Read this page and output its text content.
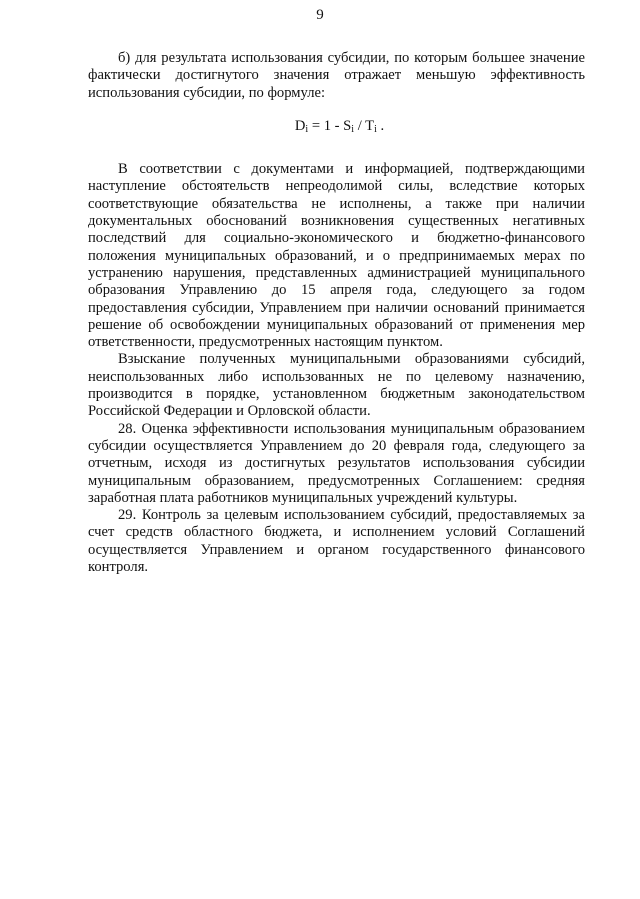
9

б) для результата использования субсидии, по которым большее значение фактически достигнутого значения отражает меньшую эффективность использования субсидии, по формуле:

$D_i = 1 - S_i / T_i$ .

В соответствии с документами и информацией, подтверждающими наступление обстоятельств непреодолимой силы, вследствие которых соответствующие обязательства не исполнены, а также при наличии документальных обоснований возникновения существенных негативных последствий для социально-экономического и бюджетно-финансового положения муниципальных образований, и о предпринимаемых мерах по устранению нарушения, представленных администрацией муниципального образования Управлению до 15 апреля года, следующего за годом предоставления субсидии, Управлением при наличии оснований принимается решение об освобождении муниципальных образований от применения мер ответственности, предусмотренных настоящим пунктом.

Взыскание полученных муниципальными образованиями субсидий, неиспользованных либо использованных не по целевому назначению, производится в порядке, установленном бюджетным законодательством Российской Федерации и Орловской области.

28. Оценка эффективности использования муниципальным образованием субсидии осуществляется Управлением до 20 февраля года, следующего за отчетным, исходя из достигнутых результатов использования субсидии муниципальным образованием, предусмотренных Соглашением: средняя заработная плата работников муниципальных учреждений культуры.

29. Контроль за целевым использованием субсидий, предоставляемых за счет средств областного бюджета, и исполнением условий Соглашений осуществляется Управлением и органом государственного финансового контроля.
